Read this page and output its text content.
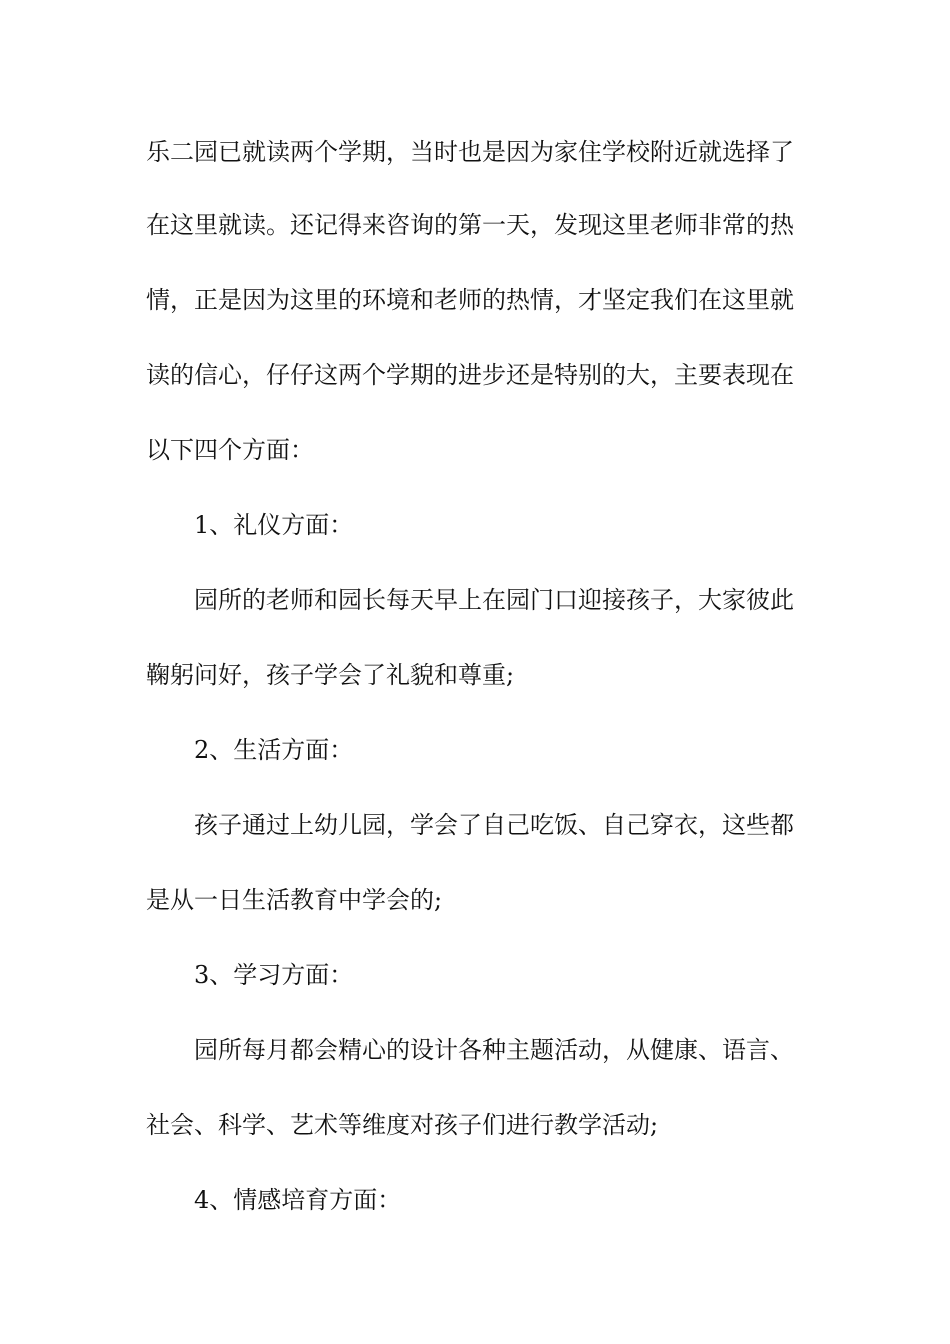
乐二园已就读两个学期，当时也是因为家住学校附近就选择了
在这里就读。还记得来咨询的第一天，发现这里老师非常的热
情，正是因为这里的环境和老师的热情，才坚定我们在这里就
读的信心，仔仔这两个学期的进步还是特别的大，主要表现在
以下四个方面：
1、礼仪方面：
园所的老师和园长每天早上在园门口迎接孩子，大家彼此
鞠躬问好，孩子学会了礼貌和尊重;
2、生活方面：
孩子通过上幼儿园，学会了自己吃饭、自己穿衣，这些都
是从一日生活教育中学会的;
3、学习方面：
园所每月都会精心的设计各种主题活动，从健康、语言、
社会、科学、艺术等维度对孩子们进行教学活动;
4、情感培育方面：
